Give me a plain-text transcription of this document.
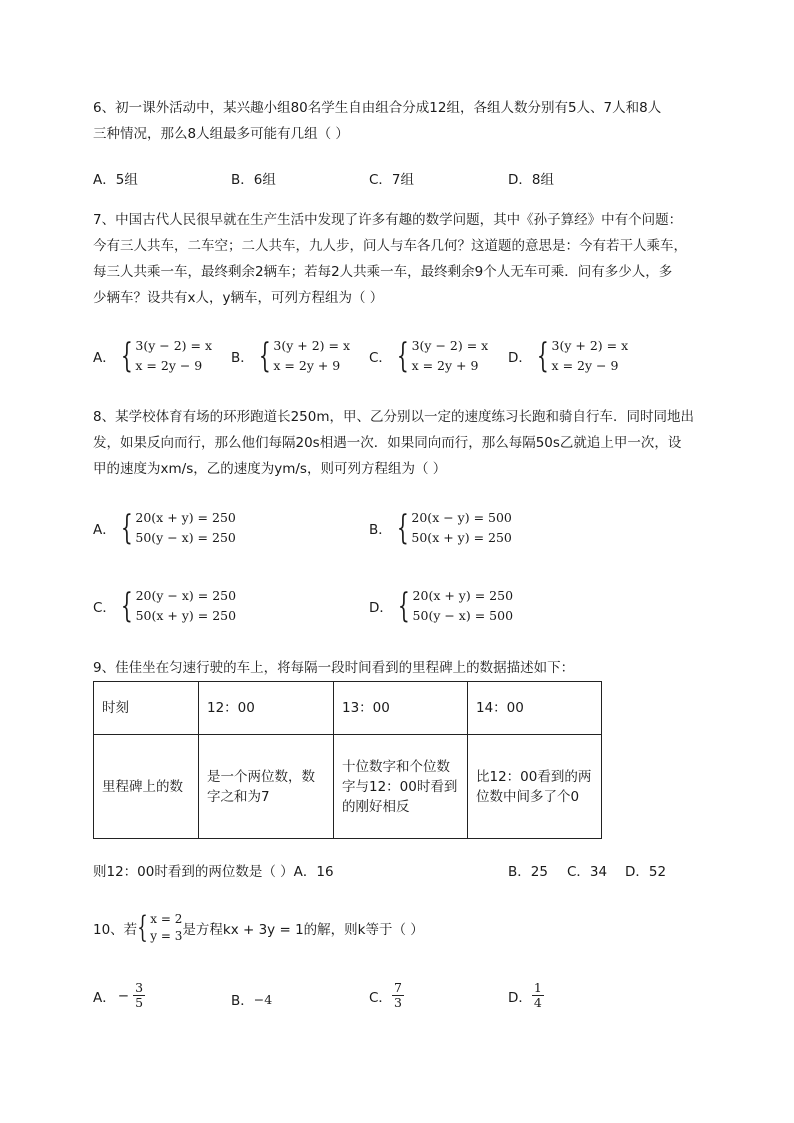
6、初一课外活动中，某兴趣小组80名学生自由组合分成12组，各组人数分别有5人、7人和8人
三种情况，那么8人组最多可能有几组（ ）
A．5组	B．6组	C．7组	D．8组
7、中国古代人民很早就在生产生活中发现了许多有趣的数学问题，其中《孙子算经》中有个问题：
今有三人共车，二车空；二人共车，九人步，问人与车各几何？这道题的意思是：今有若干人乘车，
每三人共乘一车，最终剩余2辆车；若每2人共乘一车，最终剩余9个人无车可乘．问有多少人，多
少辆车？设共有x人，y辆车，可列方程组为（ ）
A． { 3(y − 2) = x
x = 2y − 9	B． { 3(y + 2) = x
x = 2y + 9	C． { 3(y − 2) = x
x = 2y + 9	D． { 3(y + 2) = x
x = 2y − 9
8、某学校体育有场的环形跑道长250m，甲、乙分别以一定的速度练习长跑和骑自行车．同时同地出
发，如果反向而行，那么他们每隔20s相遇一次．如果同向而行，那么每隔50s乙就追上甲一次，设
甲的速度为xm/s，乙的速度为ym/s，则可列方程组为（ ）
A． { 20(x + y) = 250
50(y − x) = 250	B． { 20(x − y) = 500
50(x + y) = 250
C． { 20(y − x) = 250
50(x + y) = 250	D． { 20(x + y) = 250
50(y − x) = 500
9、佳佳坐在匀速行驶的车上，将每隔一段时间看到的里程碑上的数据描述如下：
时刻	12：00	13：00	14：00
里程碑上的数	是一个两位数，数字之和为7	十位数字和个位数字与12：00时看到的刚好相反	比12：00看到的两位数中间多了个0
则12：00时看到的两位数是（ ）A．16	B．25 C．34 D．52
10、若 { x = 2
y = 3 是方程kx + 3y = 1的解，则k等于（ ）
A． − $\frac{3}{5}$	B． −4	C． $\frac{7}{3}$	D． $\frac{1}{4}$
